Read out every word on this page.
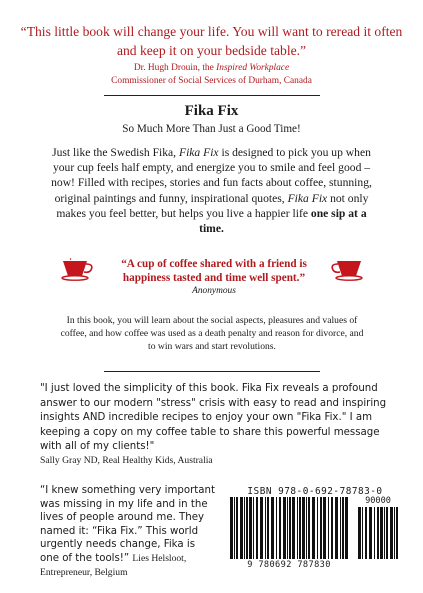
“This little book will change your life. You will want to reread it often and keep it on your bedside table.”
Dr. Hugh Drouin, the Inspired Workplace
Commissioner of Social Services of Durham, Canada
Fika Fix
So Much More Than Just a Good Time!
Just like the Swedish Fika, Fika Fix is designed to pick you up when your cup feels half empty, and energize you to smile and feel good – now! Filled with recipes, stories and fun facts about coffee, stunning, original paintings and funny, inspirational quotes, Fika Fix not only makes you feel better, but helps you live a happier life one sip at a time.
“A cup of coffee shared with a friend is happiness tasted and time well spent.”
Anonymous
In this book, you will learn about the social aspects, pleasures and values of coffee, and how coffee was used as a death penalty and reason for divorce, and to win wars and start revolutions.
"I just loved the simplicity of this book. Fika Fix reveals a profound answer to our modern "stress" crisis with easy to read and inspiring insights AND incredible recipes to enjoy your own "Fika Fix." I am keeping a copy on my coffee table to share this powerful message with all of my clients!"
Sally Gray ND, Real Healthy Kids, Australia
“I knew something very important was missing in my life and in the lives of people around me. They named it: “Fika Fix.” This world urgently needs change, Fika is one of the tools!” Lies Helsloot,
Entrepreneur, Belgium
ISBN 978-0-692-78783-0
9 780692 787830
90000
